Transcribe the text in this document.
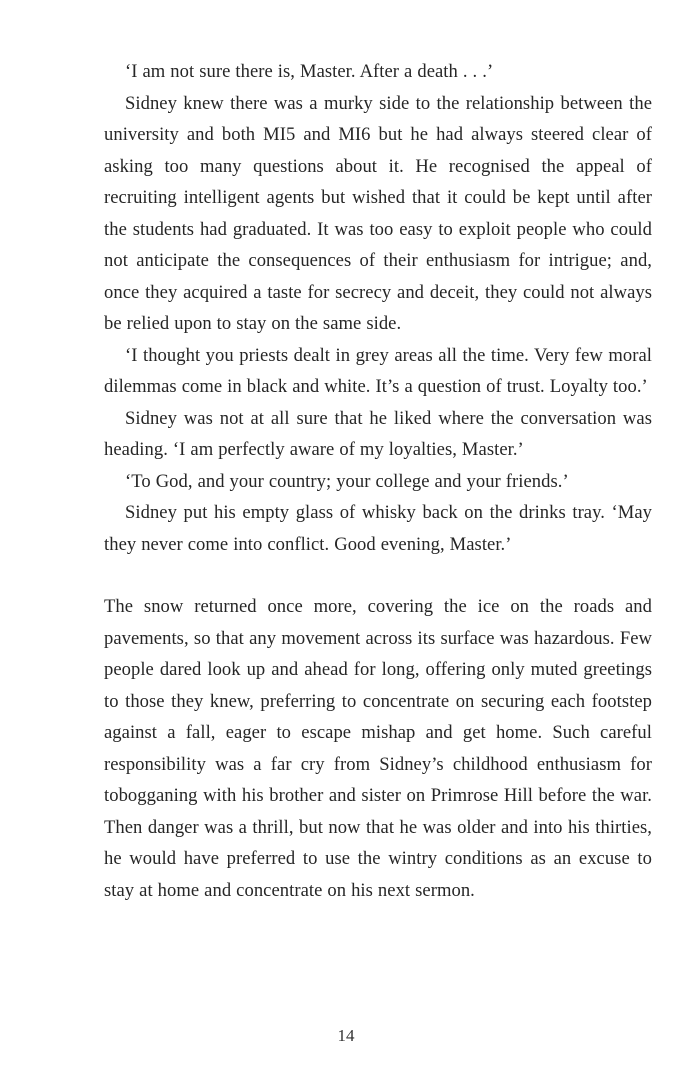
‘I am not sure there is, Master. After a death . . .’

Sidney knew there was a murky side to the relationship between the university and both MI5 and MI6 but he had always steered clear of asking too many questions about it. He recognised the appeal of recruiting intelligent agents but wished that it could be kept until after the students had graduated. It was too easy to exploit people who could not anticipate the consequences of their enthusiasm for intrigue; and, once they acquired a taste for secrecy and deceit, they could not always be relied upon to stay on the same side.

‘I thought you priests dealt in grey areas all the time. Very few moral dilemmas come in black and white. It’s a question of trust. Loyalty too.’

Sidney was not at all sure that he liked where the conversation was heading. ‘I am perfectly aware of my loyalties, Master.’

‘To God, and your country; your college and your friends.’

Sidney put his empty glass of whisky back on the drinks tray. ‘May they never come into conflict. Good evening, Master.’

The snow returned once more, covering the ice on the roads and pavements, so that any movement across its surface was hazardous. Few people dared look up and ahead for long, offering only muted greetings to those they knew, preferring to concentrate on securing each footstep against a fall, eager to escape mishap and get home. Such careful responsibility was a far cry from Sidney’s childhood enthusiasm for tobogganing with his brother and sister on Primrose Hill before the war. Then danger was a thrill, but now that he was older and into his thirties, he would have preferred to use the wintry conditions as an excuse to stay at home and concentrate on his next sermon.

14
